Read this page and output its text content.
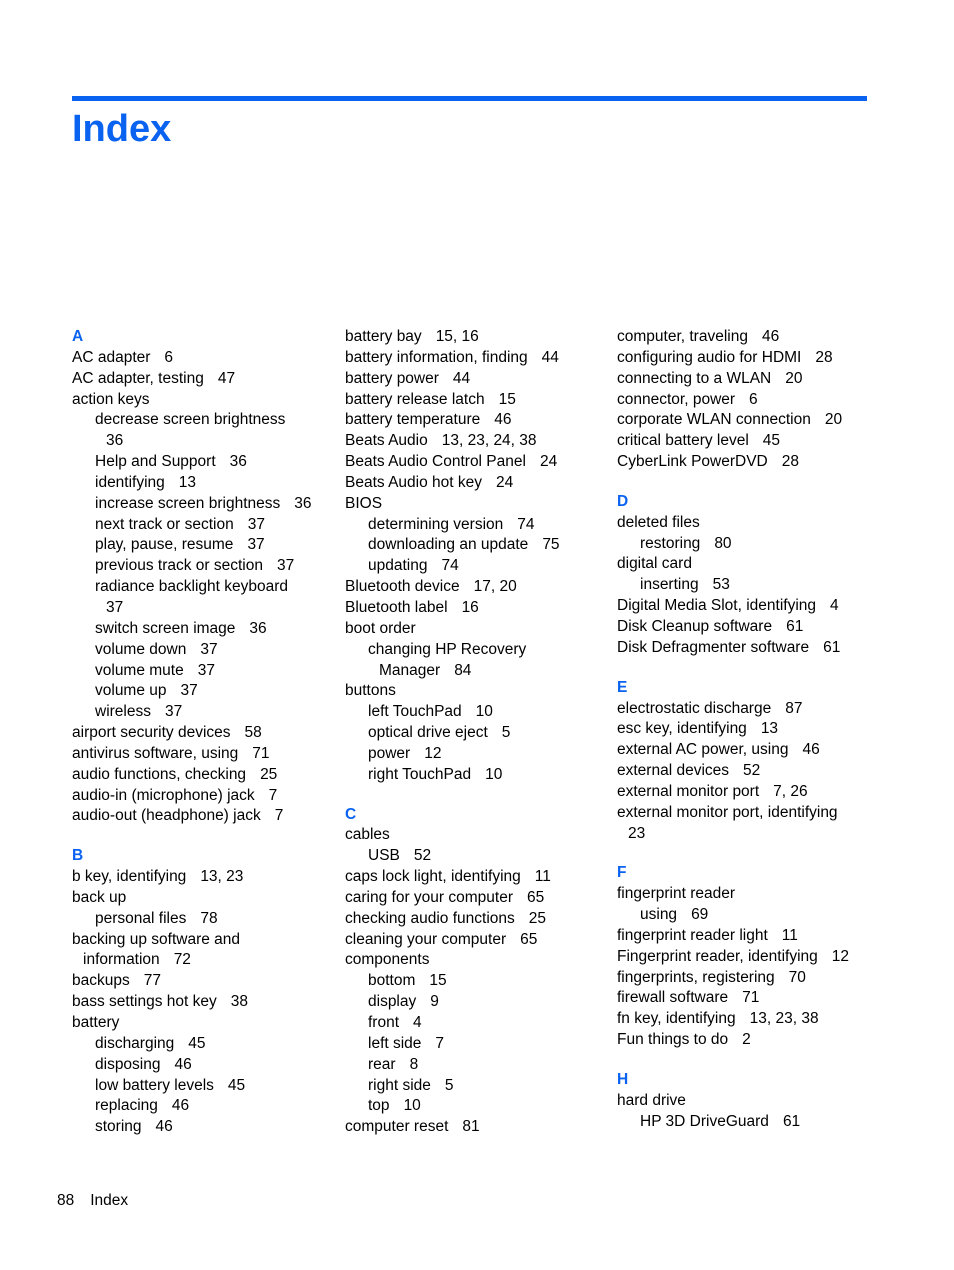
Index
A
AC adapter 6
AC adapter, testing 47
action keys
decrease screen brightness
36
Help and Support 36
identifying 13
increase screen brightness 36
next track or section 37
play, pause, resume 37
previous track or section 37
radiance backlight keyboard
37
switch screen image 36
volume down 37
volume mute 37
volume up 37
wireless 37
airport security devices 58
antivirus software, using 71
audio functions, checking 25
audio-in (microphone) jack 7
audio-out (headphone) jack 7
B
b key, identifying 13, 23
back up
personal files 78
backing up software and
information 72
backups 77
bass settings hot key 38
battery
discharging 45
disposing 46
low battery levels 45
replacing 46
storing 46
battery bay 15, 16
battery information, finding 44
battery power 44
battery release latch 15
battery temperature 46
Beats Audio 13, 23, 24, 38
Beats Audio Control Panel 24
Beats Audio hot key 24
BIOS
determining version 74
downloading an update 75
updating 74
Bluetooth device 17, 20
Bluetooth label 16
boot order
changing HP Recovery
Manager 84
buttons
left TouchPad 10
optical drive eject 5
power 12
right TouchPad 10
C
cables
USB 52
caps lock light, identifying 11
caring for your computer 65
checking audio functions 25
cleaning your computer 65
components
bottom 15
display 9
front 4
left side 7
rear 8
right side 5
top 10
computer reset 81
computer, traveling 46
configuring audio for HDMI 28
connecting to a WLAN 20
connector, power 6
corporate WLAN connection 20
critical battery level 45
CyberLink PowerDVD 28
D
deleted files
restoring 80
digital card
inserting 53
Digital Media Slot, identifying 4
Disk Cleanup software 61
Disk Defragmenter software 61
E
electrostatic discharge 87
esc key, identifying 13
external AC power, using 46
external devices 52
external monitor port 7, 26
external monitor port, identifying
23
F
fingerprint reader
using 69
fingerprint reader light 11
Fingerprint reader, identifying 12
fingerprints, registering 70
firewall software 71
fn key, identifying 13, 23, 38
Fun things to do 2
H
hard drive
HP 3D DriveGuard 61
88 Index
